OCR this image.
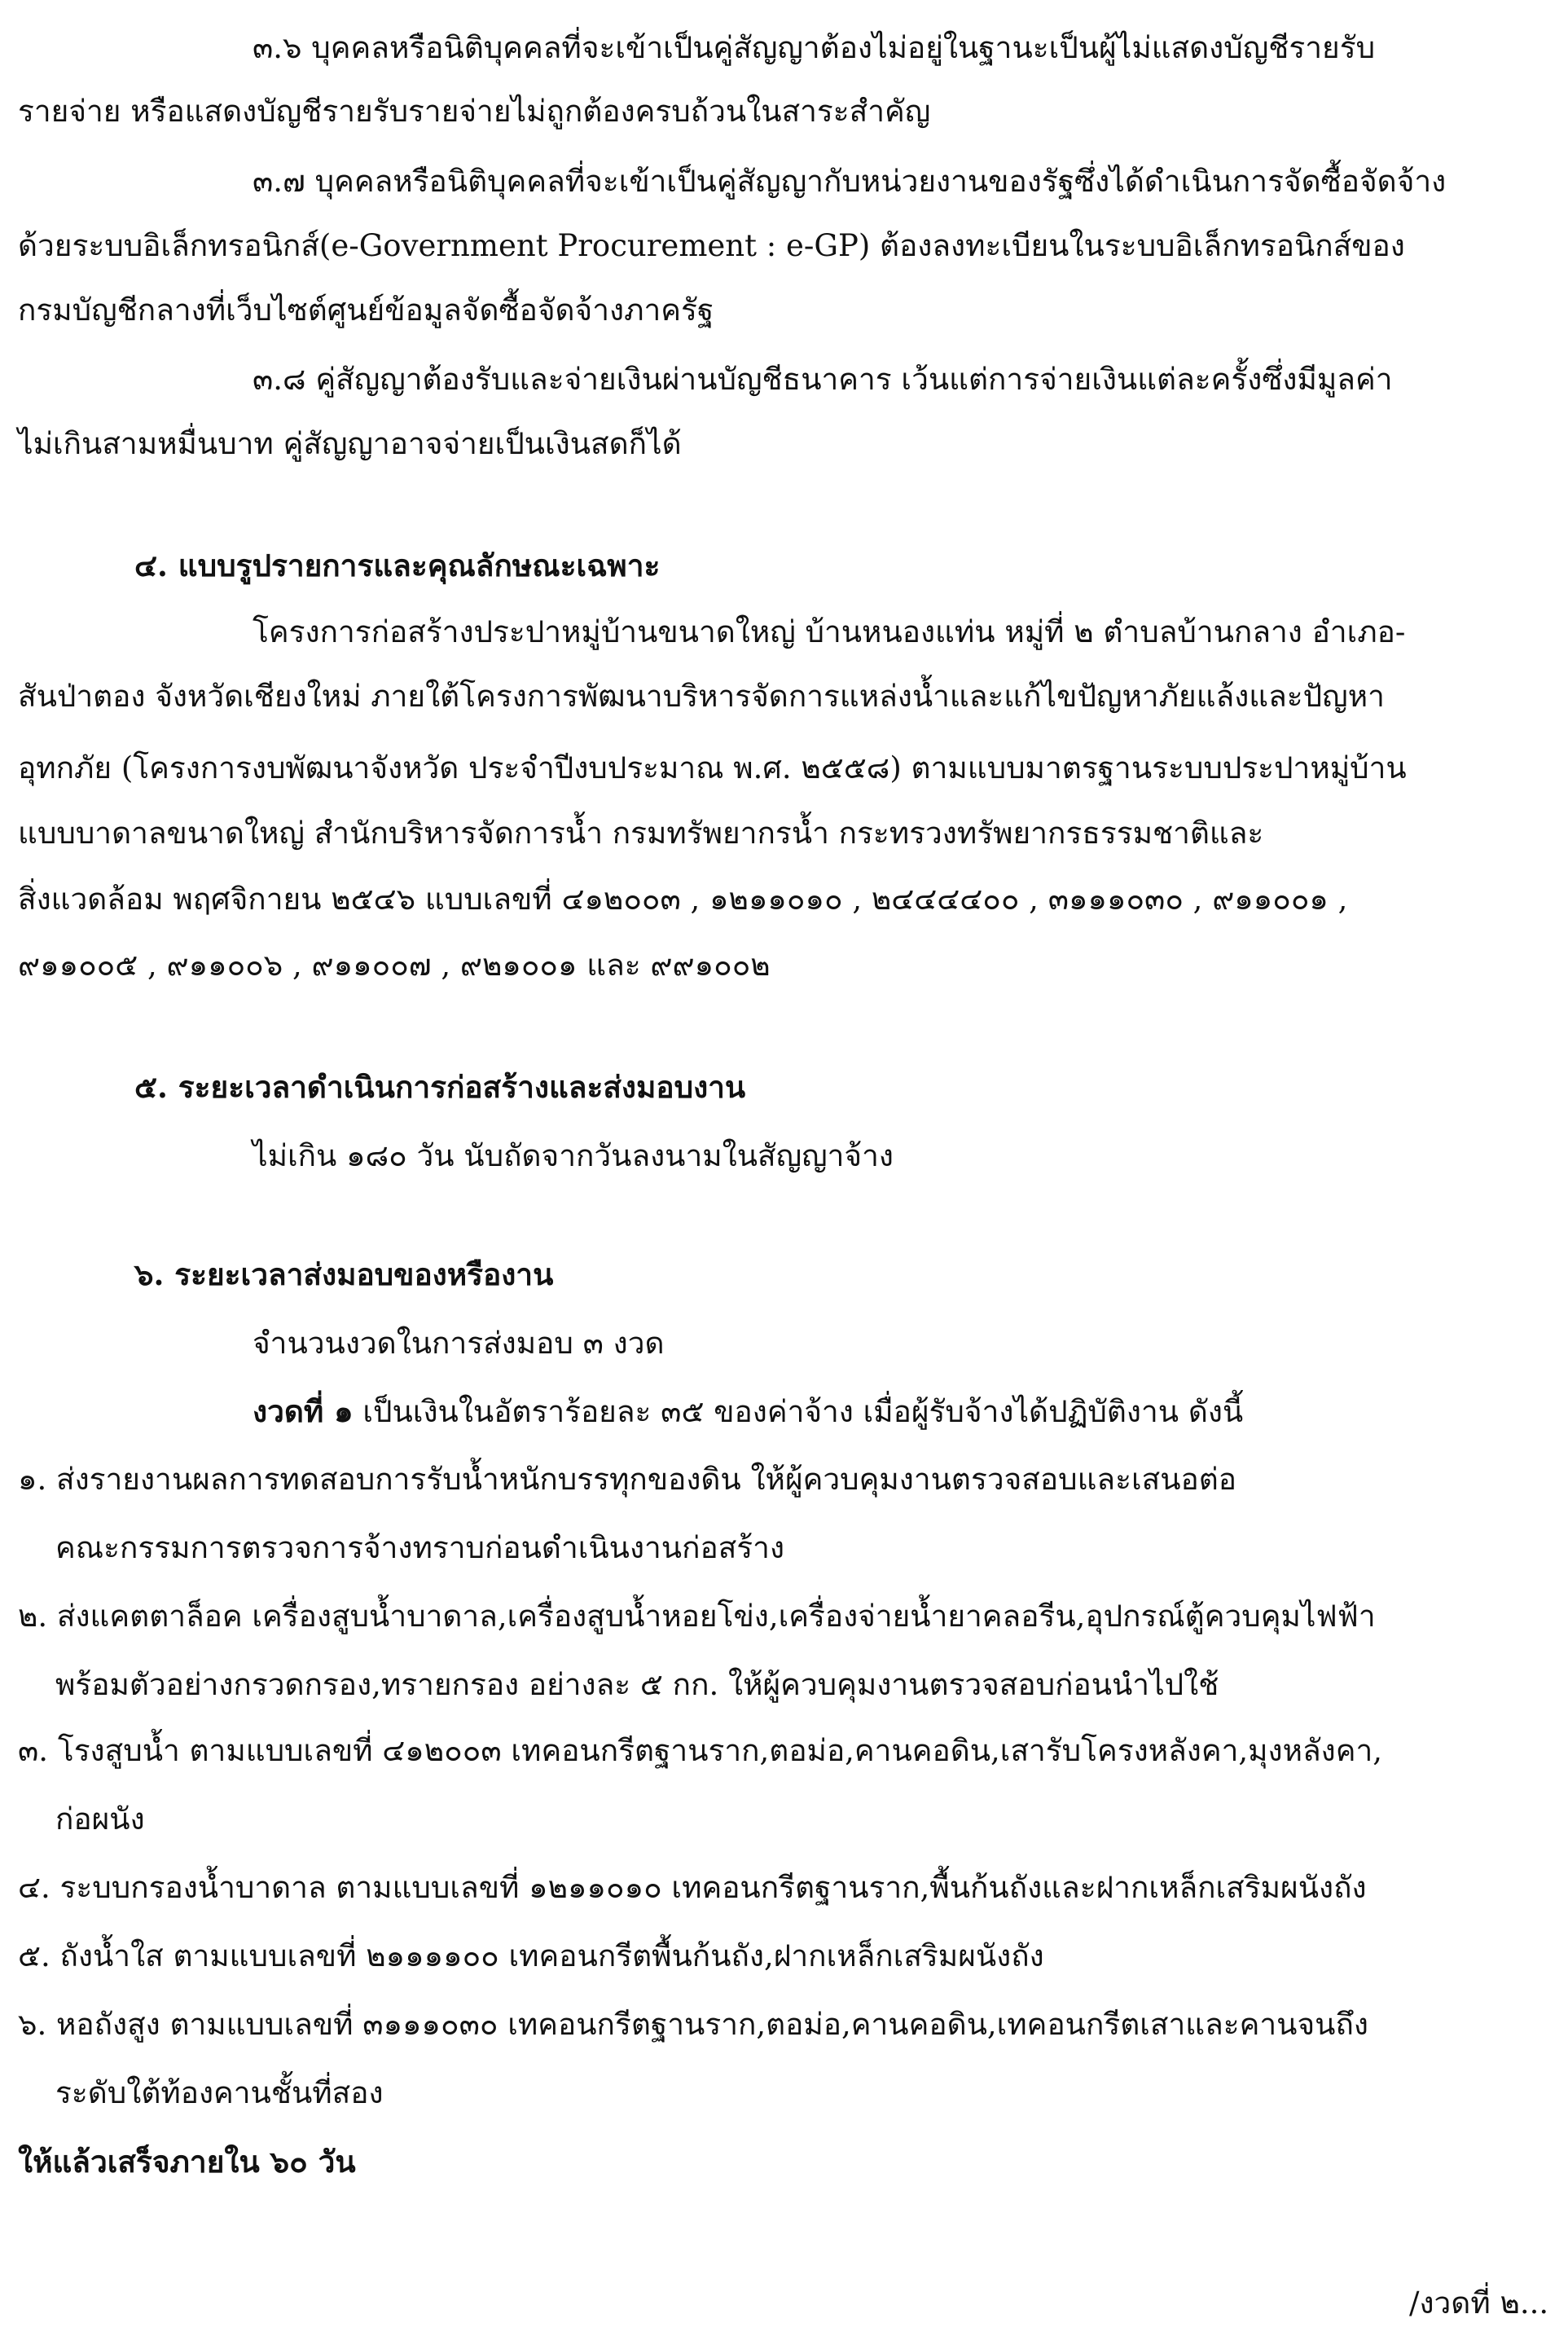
๓.๖ บุคคลหรือนิติบุคคลที่จะเข้าเป็นคู่สัญญาต้องไม่อยู่ในฐานะเป็นผู้ไม่แสดงบัญชีรายรับ
รายจ่าย หรือแสดงบัญชีรายรับรายจ่ายไม่ถูกต้องครบถ้วนในสาระสำคัญ
๓.๗ บุคคลหรือนิติบุคคลที่จะเข้าเป็นคู่สัญญากับหน่วยงานของรัฐซึ่งได้ดำเนินการจัดซื้อจัดจ้าง
ด้วยระบบอิเล็กทรอนิกส์(e-Government Procurement : e-GP) ต้องลงทะเบียนในระบบอิเล็กทรอนิกส์ของ
กรมบัญชีกลางที่เว็บไซต์ศูนย์ข้อมูลจัดซื้อจัดจ้างภาครัฐ
๓.๘ คู่สัญญาต้องรับและจ่ายเงินผ่านบัญชีธนาคาร เว้นแต่การจ่ายเงินแต่ละครั้งซึ่งมีมูลค่า
ไม่เกินสามหมื่นบาท คู่สัญญาอาจจ่ายเป็นเงินสดก็ได้
๔. แบบรูปรายการและคุณลักษณะเฉพาะ
โครงการก่อสร้างประปาหมู่บ้านขนาดใหญ่ บ้านหนองแท่น หมู่ที่ ๒ ตำบลบ้านกลาง อำเภอ-
สันป่าตอง จังหวัดเชียงใหม่ ภายใต้โครงการพัฒนาบริหารจัดการแหล่งน้ำและแก้ไขปัญหาภัยแล้งและปัญหา
อุทกภัย (โครงการงบพัฒนาจังหวัด ประจำปีงบประมาณ พ.ศ. ๒๕๕๘) ตามแบบมาตรฐานระบบประปาหมู่บ้าน
แบบบาดาลขนาดใหญ่ สำนักบริหารจัดการน้ำ กรมทรัพยากรน้ำ กระทรวงทรัพยากรธรรมชาติและ
สิ่งแวดล้อม พฤศจิกายน ๒๕๔๖ แบบเลขที่ ๔๑๒๐๐๓ , ๑๒๑๑๐๑๐ , ๒๔๔๔๔๐๐ , ๓๑๑๑๐๓๐ , ๙๑๑๐๐๑ ,
๙๑๑๐๐๕ , ๙๑๑๐๐๖ , ๙๑๑๐๐๗ , ๙๒๑๐๐๑ และ ๙๙๑๐๐๒
๕. ระยะเวลาดำเนินการก่อสร้างและส่งมอบงาน
ไม่เกิน ๑๘๐ วัน นับถัดจากวันลงนามในสัญญาจ้าง
๖. ระยะเวลาส่งมอบของหรืองาน
จำนวนงวดในการส่งมอบ ๓ งวด
งวดที่ ๑ เป็นเงินในอัตราร้อยละ ๓๕ ของค่าจ้าง เมื่อผู้รับจ้างได้ปฏิบัติงาน ดังนี้
๑. ส่งรายงานผลการทดสอบการรับน้ำหนักบรรทุกของดิน ให้ผู้ควบคุมงานตรวจสอบและเสนอต่อ
คณะกรรมการตรวจการจ้างทราบก่อนดำเนินงานก่อสร้าง
๒. ส่งแคตตาล็อค เครื่องสูบน้ำบาดาล,เครื่องสูบน้ำหอยโข่ง,เครื่องจ่ายน้ำยาคลอรีน,อุปกรณ์ตู้ควบคุมไฟฟ้า
พร้อมตัวอย่างกรวดกรอง,ทรายกรอง อย่างละ ๕ กก. ให้ผู้ควบคุมงานตรวจสอบก่อนนำไปใช้
๓. โรงสูบน้ำ ตามแบบเลขที่ ๔๑๒๐๐๓ เทคอนกรีตฐานราก,ตอม่อ,คานคอดิน,เสารับโครงหลังคา,มุงหลังคา,
ก่อผนัง
๔. ระบบกรองน้ำบาดาล ตามแบบเลขที่ ๑๒๑๑๐๑๐ เทคอนกรีตฐานราก,พื้นก้นถังและฝากเหล็กเสริมผนังถัง
๕. ถังน้ำใส ตามแบบเลขที่ ๒๑๑๑๑๐๐ เทคอนกรีตพื้นก้นถัง,ฝากเหล็กเสริมผนังถัง
๖. หอถังสูง ตามแบบเลขที่ ๓๑๑๑๐๓๐ เทคอนกรีตฐานราก,ตอม่อ,คานคอดิน,เทคอนกรีตเสาและคานจนถึง
ระดับใต้ท้องคานชั้นที่สอง
ให้แล้วเสร็จภายใน ๖๐ วัน
/งวดที่ ๒...
